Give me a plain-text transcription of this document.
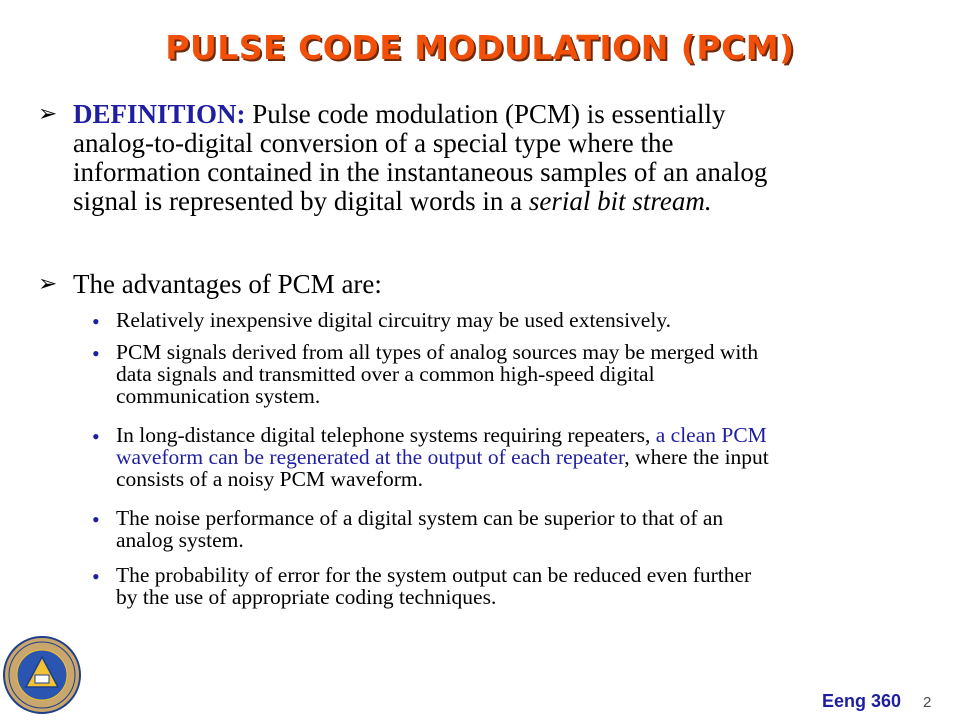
PULSE CODE MODULATION (PCM)
➢ DEFINITION: Pulse code modulation (PCM) is essentially
analog-to-digital conversion of a special type where the
information contained in the instantaneous samples of an analog
signal is represented by digital words in a serial bit stream.
➢ The advantages of PCM are:
• Relatively inexpensive digital circuitry may be used extensively.
• PCM signals derived from all types of analog sources may be merged with
data signals and transmitted over a common high-speed digital
communication system.
• In long-distance digital telephone systems requiring repeaters, a clean PCM
waveform can be regenerated at the output of each repeater, where the input
consists of a noisy PCM waveform.
• The noise performance of a digital system can be superior to that of an
analog system.
• The probability of error for the system output can be reduced even further
by the use of appropriate coding techniques.
Eeng 360 2
